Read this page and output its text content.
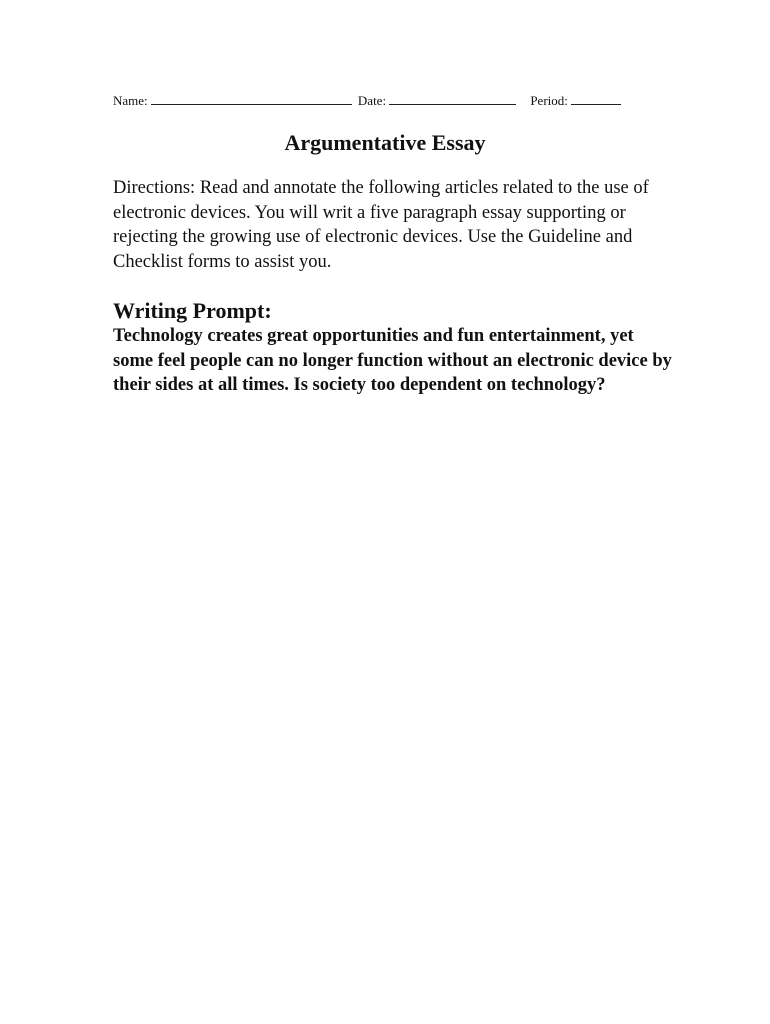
Name:	Date:	Period:
Argumentative Essay
Directions: Read and annotate the following articles related to the use of electronic devices. You will writ a five paragraph essay supporting or rejecting the growing use of electronic devices. Use the Guideline and Checklist forms to assist you.
Writing Prompt:
Technology creates great opportunities and fun entertainment, yet some feel people can no longer function without an electronic device by their sides at all times. Is society too dependent on technology?
